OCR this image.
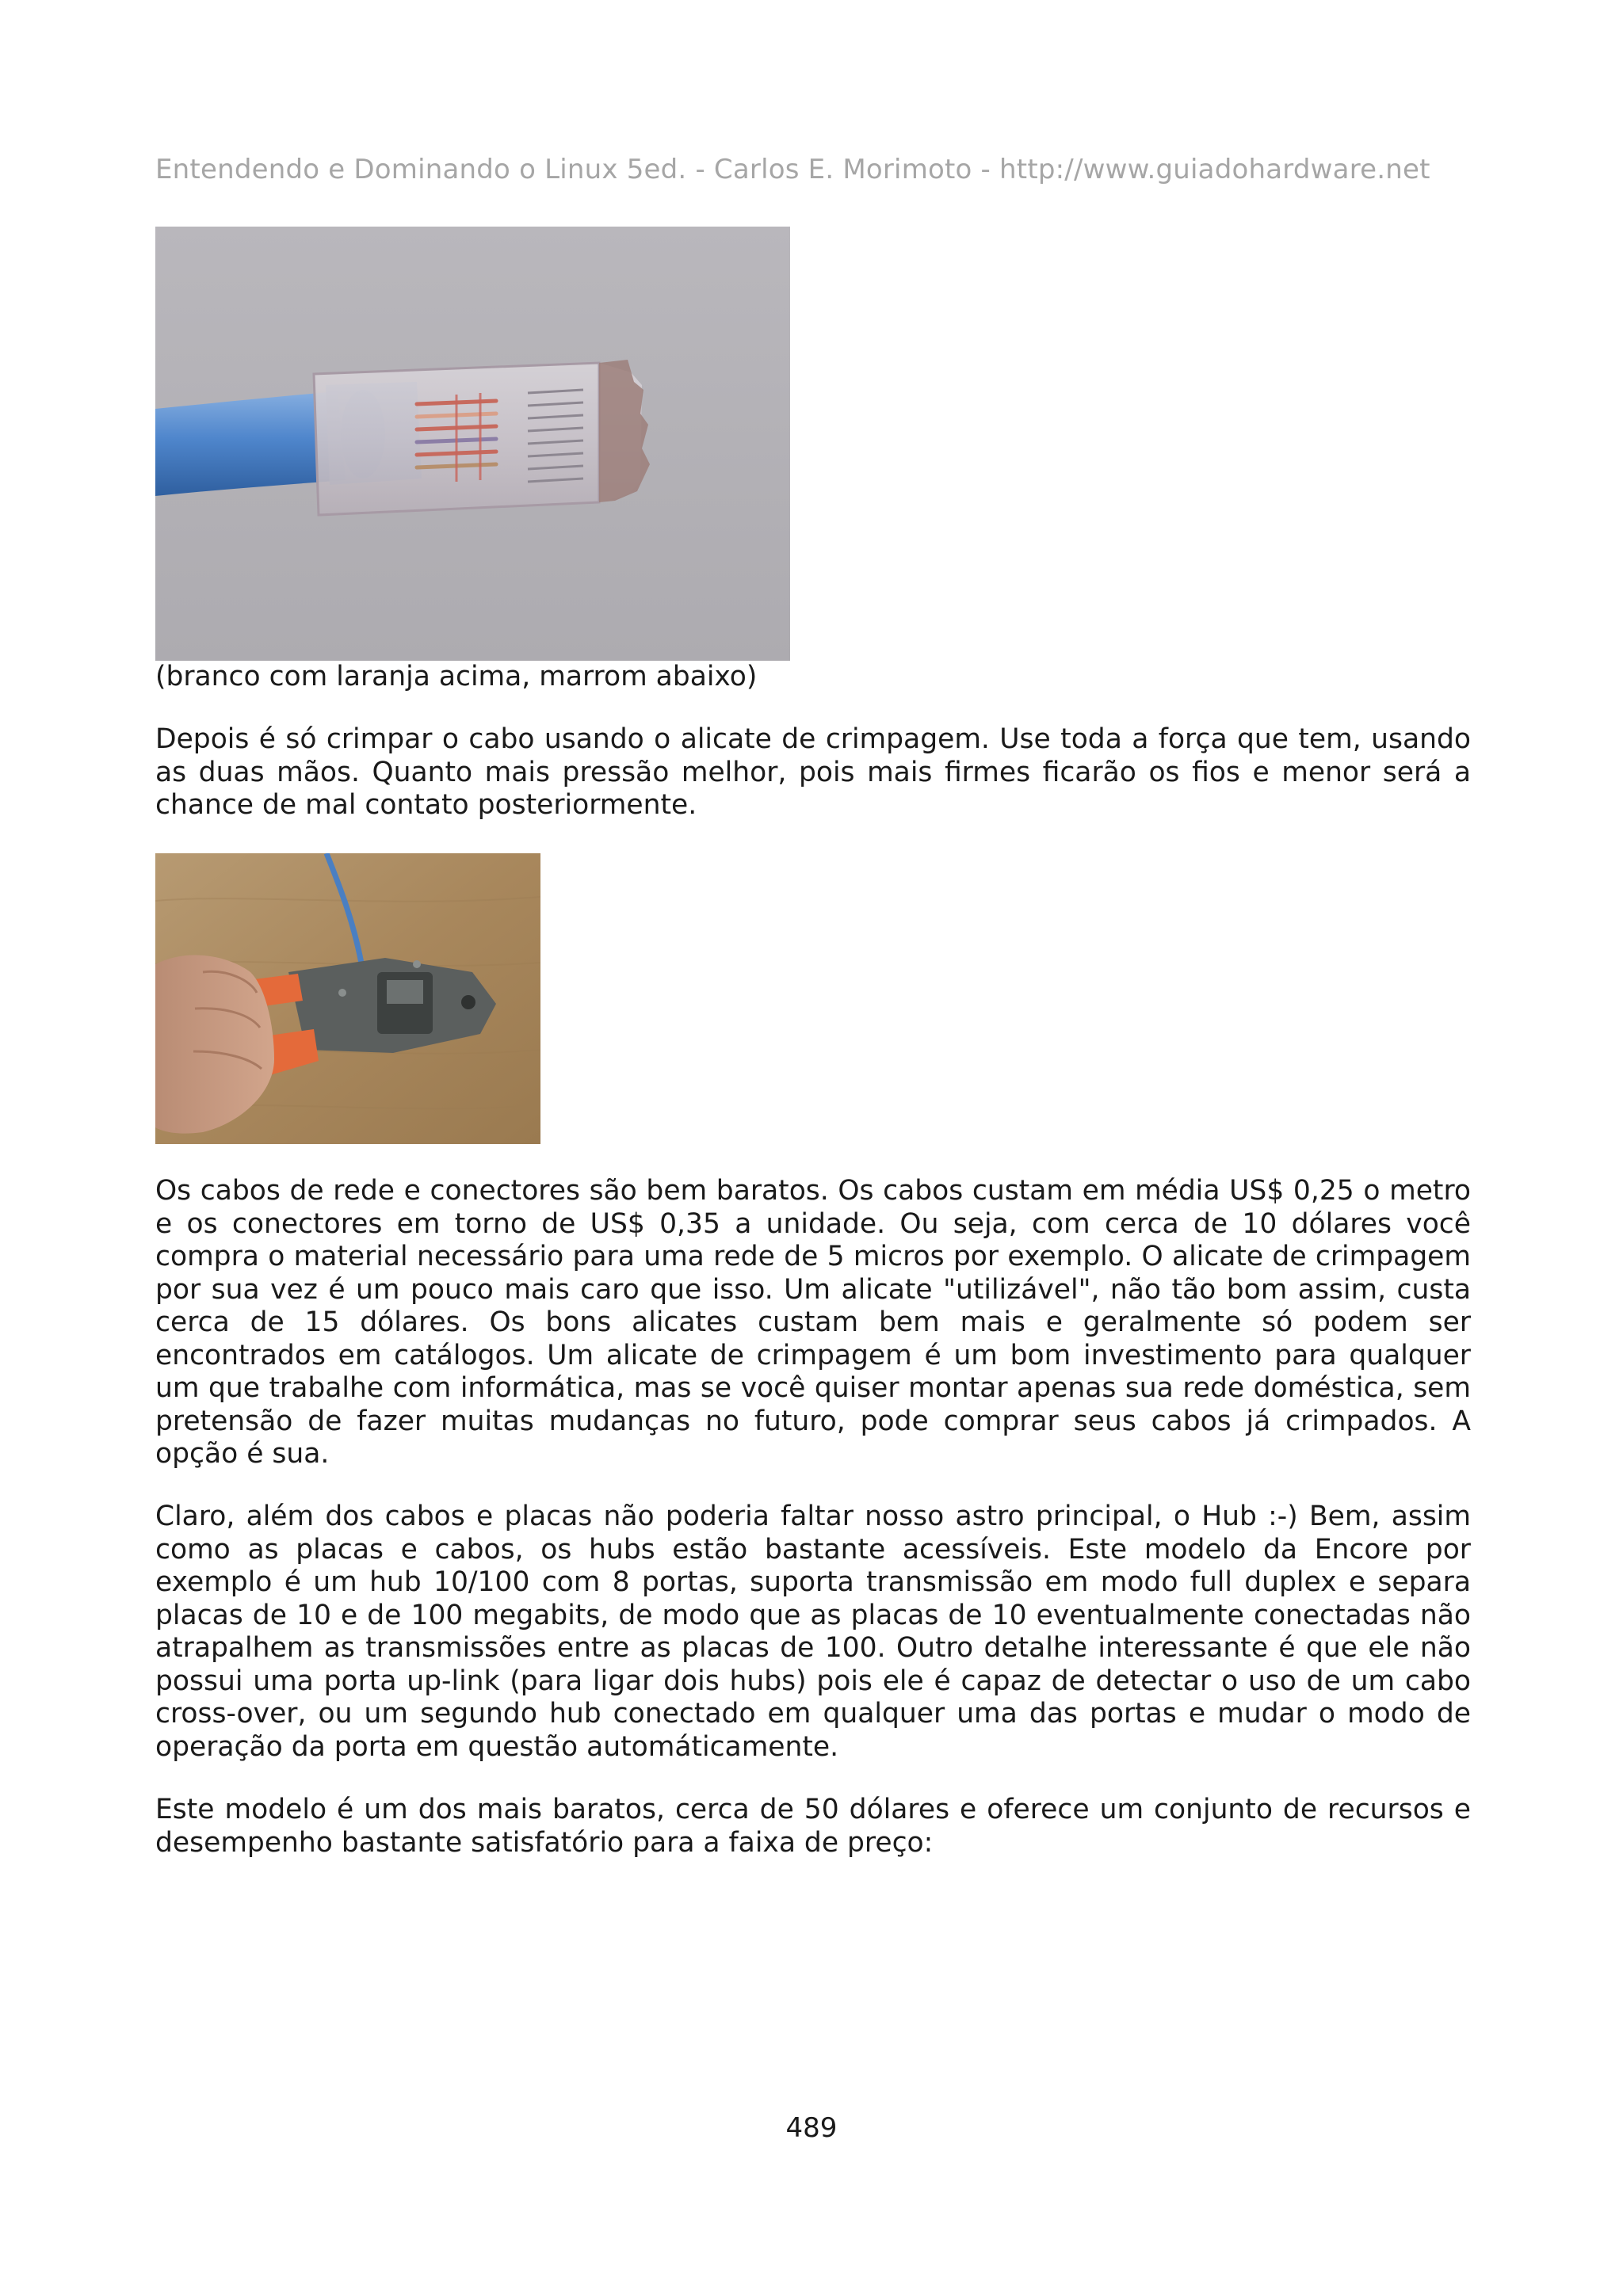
Entendendo e Dominando o Linux 5ed. - Carlos E. Morimoto - http://www.guiadohardware.net
(branco com laranja acima, marrom abaixo)
Depois é só crimpar o cabo usando o alicate de crimpagem. Use toda a força que tem, usando as duas mãos. Quanto mais pressão melhor, pois mais firmes ficarão os fios e menor será a chance de mal contato posteriormente.
Os cabos de rede e conectores são bem baratos. Os cabos custam em média US$ 0,25 o metro e os conectores em torno de US$ 0,35 a unidade. Ou seja, com cerca de 10 dólares você compra o material necessário para uma rede de 5 micros por exemplo. O alicate de crimpagem por sua vez é um pouco mais caro que isso. Um alicate "utilizável", não tão bom assim, custa cerca de 15 dólares. Os bons alicates custam bem mais e geralmente só podem ser encontrados em catálogos. Um alicate de crimpagem é um bom investimento para qualquer um que trabalhe com informática, mas se você quiser montar apenas sua rede doméstica, sem pretensão de fazer muitas mudanças no futuro, pode comprar seus cabos já crimpados. A opção é sua.
Claro, além dos cabos e placas não poderia faltar nosso astro principal, o Hub :-) Bem, assim como as placas e cabos, os hubs estão bastante acessíveis. Este modelo da Encore por exemplo é um hub 10/100 com 8 portas, suporta transmissão em modo full duplex e separa placas de 10 e de 100 megabits, de modo que as placas de 10 eventualmente conectadas não atrapalhem as transmissões entre as placas de 100. Outro detalhe interessante é que ele não possui uma porta up-link (para ligar dois hubs) pois ele é capaz de detectar o uso de um cabo cross-over, ou um segundo hub conectado em qualquer uma das portas e mudar o modo de operação da porta em questão automáticamente.
Este modelo é um dos mais baratos, cerca de 50 dólares e oferece um conjunto de recursos e desempenho bastante satisfatório para a faixa de preço:
489
